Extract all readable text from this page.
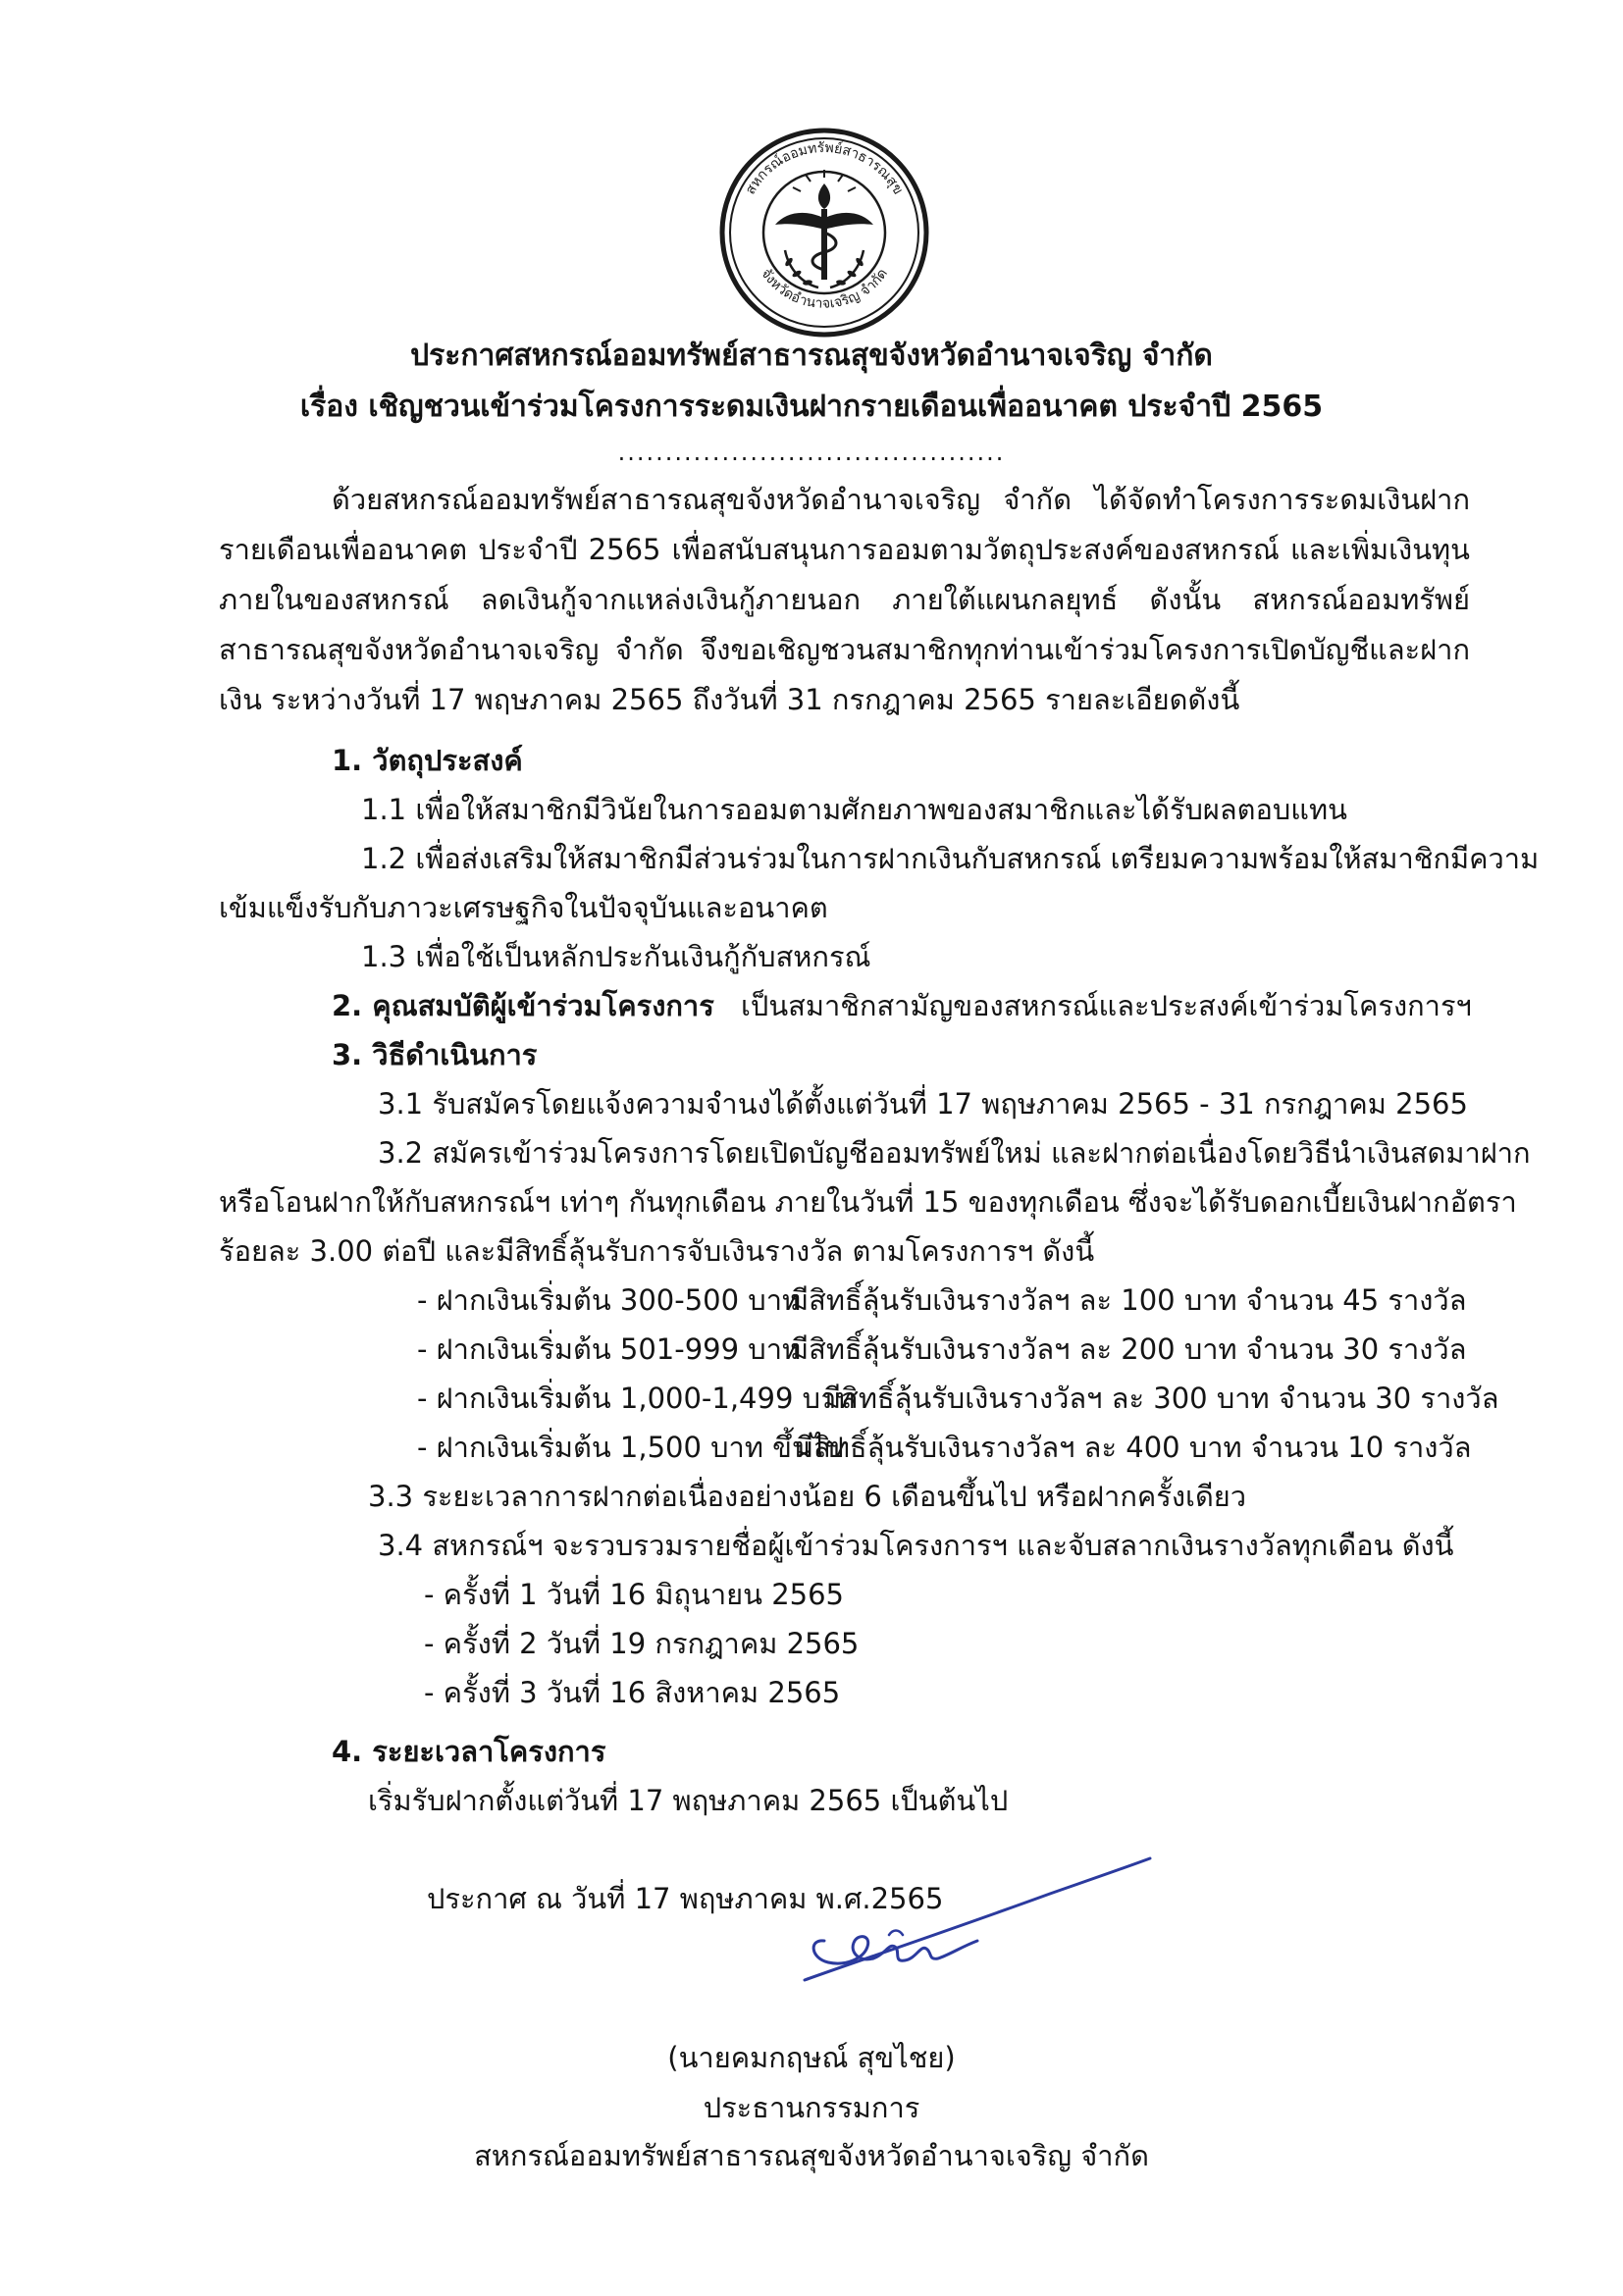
สหกรณ์ออมทรัพย์สาธารณสุข
จังหวัดอำนาจเจริญ จำกัด
ประกาศสหกรณ์ออมทรัพย์สาธารณสุขจังหวัดอำนาจเจริญ จำกัด
เรื่อง เชิญชวนเข้าร่วมโครงการระดมเงินฝากรายเดือนเพื่ออนาคต ประจำปี 2565
.........................................
ด้วยสหกรณ์ออมทรัพย์สาธารณสุขจังหวัดอำนาจเจริญ จำกัด ได้จัดทำโครงการระดมเงินฝากรายเดือนเพื่ออนาคต ประจำปี 2565 เพื่อสนับสนุนการออมตามวัตถุประสงค์ของสหกรณ์ และเพิ่มเงินทุนภายในของสหกรณ์ ลดเงินกู้จากแหล่งเงินกู้ภายนอก ภายใต้แผนกลยุทธ์ ดังนั้น สหกรณ์ออมทรัพย์สาธารณสุขจังหวัดอำนาจเจริญ จำกัด จึงขอเชิญชวนสมาชิกทุกท่านเข้าร่วมโครงการเปิดบัญชีและฝากเงิน ระหว่างวันที่ 17 พฤษภาคม 2565 ถึงวันที่ 31 กรกฎาคม 2565 รายละเอียดดังนี้
1. วัตถุประสงค์
1.1 เพื่อให้สมาชิกมีวินัยในการออมตามศักยภาพของสมาชิกและได้รับผลตอบแทน
1.2 เพื่อส่งเสริมให้สมาชิกมีส่วนร่วมในการฝากเงินกับสหกรณ์ เตรียมความพร้อมให้สมาชิกมีความ
เข้มแข็งรับกับภาวะเศรษฐกิจในปัจจุบันและอนาคต
1.3 เพื่อใช้เป็นหลักประกันเงินกู้กับสหกรณ์
2. คุณสมบัติผู้เข้าร่วมโครงการ เป็นสมาชิกสามัญของสหกรณ์และประสงค์เข้าร่วมโครงการฯ
3. วิธีดำเนินการ
3.1 รับสมัครโดยแจ้งความจำนงได้ตั้งแต่วันที่ 17 พฤษภาคม 2565 - 31 กรกฎาคม 2565
3.2 สมัครเข้าร่วมโครงการโดยเปิดบัญชีออมทรัพย์ใหม่ และฝากต่อเนื่องโดยวิธีนำเงินสดมาฝาก
หรือโอนฝากให้กับสหกรณ์ฯ เท่าๆ กันทุกเดือน ภายในวันที่ 15 ของทุกเดือน ซึ่งจะได้รับดอกเบี้ยเงินฝากอัตรา
ร้อยละ 3.00 ต่อปี และมีสิทธิ์ลุ้นรับการจับเงินรางวัล ตามโครงการฯ ดังนี้
- ฝากเงินเริ่มต้น 300-500 บาท
มีสิทธิ์ลุ้นรับเงินรางวัลฯ ละ 100 บาท จำนวน 45 รางวัล
- ฝากเงินเริ่มต้น 501-999 บาท
มีสิทธิ์ลุ้นรับเงินรางวัลฯ ละ 200 บาท จำนวน 30 รางวัล
- ฝากเงินเริ่มต้น 1,000-1,499 บาท
มีสิทธิ์ลุ้นรับเงินรางวัลฯ ละ 300 บาท จำนวน 30 รางวัล
- ฝากเงินเริ่มต้น 1,500 บาท ขึ้นไป
มีสิทธิ์ลุ้นรับเงินรางวัลฯ ละ 400 บาท จำนวน 10 รางวัล
3.3 ระยะเวลาการฝากต่อเนื่องอย่างน้อย 6 เดือนขึ้นไป หรือฝากครั้งเดียว
3.4 สหกรณ์ฯ จะรวบรวมรายชื่อผู้เข้าร่วมโครงการฯ และจับสลากเงินรางวัลทุกเดือน ดังนี้
- ครั้งที่ 1 วันที่ 16 มิถุนายน 2565
- ครั้งที่ 2 วันที่ 19 กรกฎาคม 2565
- ครั้งที่ 3 วันที่ 16 สิงหาคม 2565
4. ระยะเวลาโครงการ
เริ่มรับฝากตั้งแต่วันที่ 17 พฤษภาคม 2565 เป็นต้นไป
ประกาศ ณ วันที่ 17 พฤษภาคม พ.ศ.2565
(นายคมกฤษณ์ สุขไชย)
ประธานกรรมการ
สหกรณ์ออมทรัพย์สาธารณสุขจังหวัดอำนาจเจริญ จำกัด
